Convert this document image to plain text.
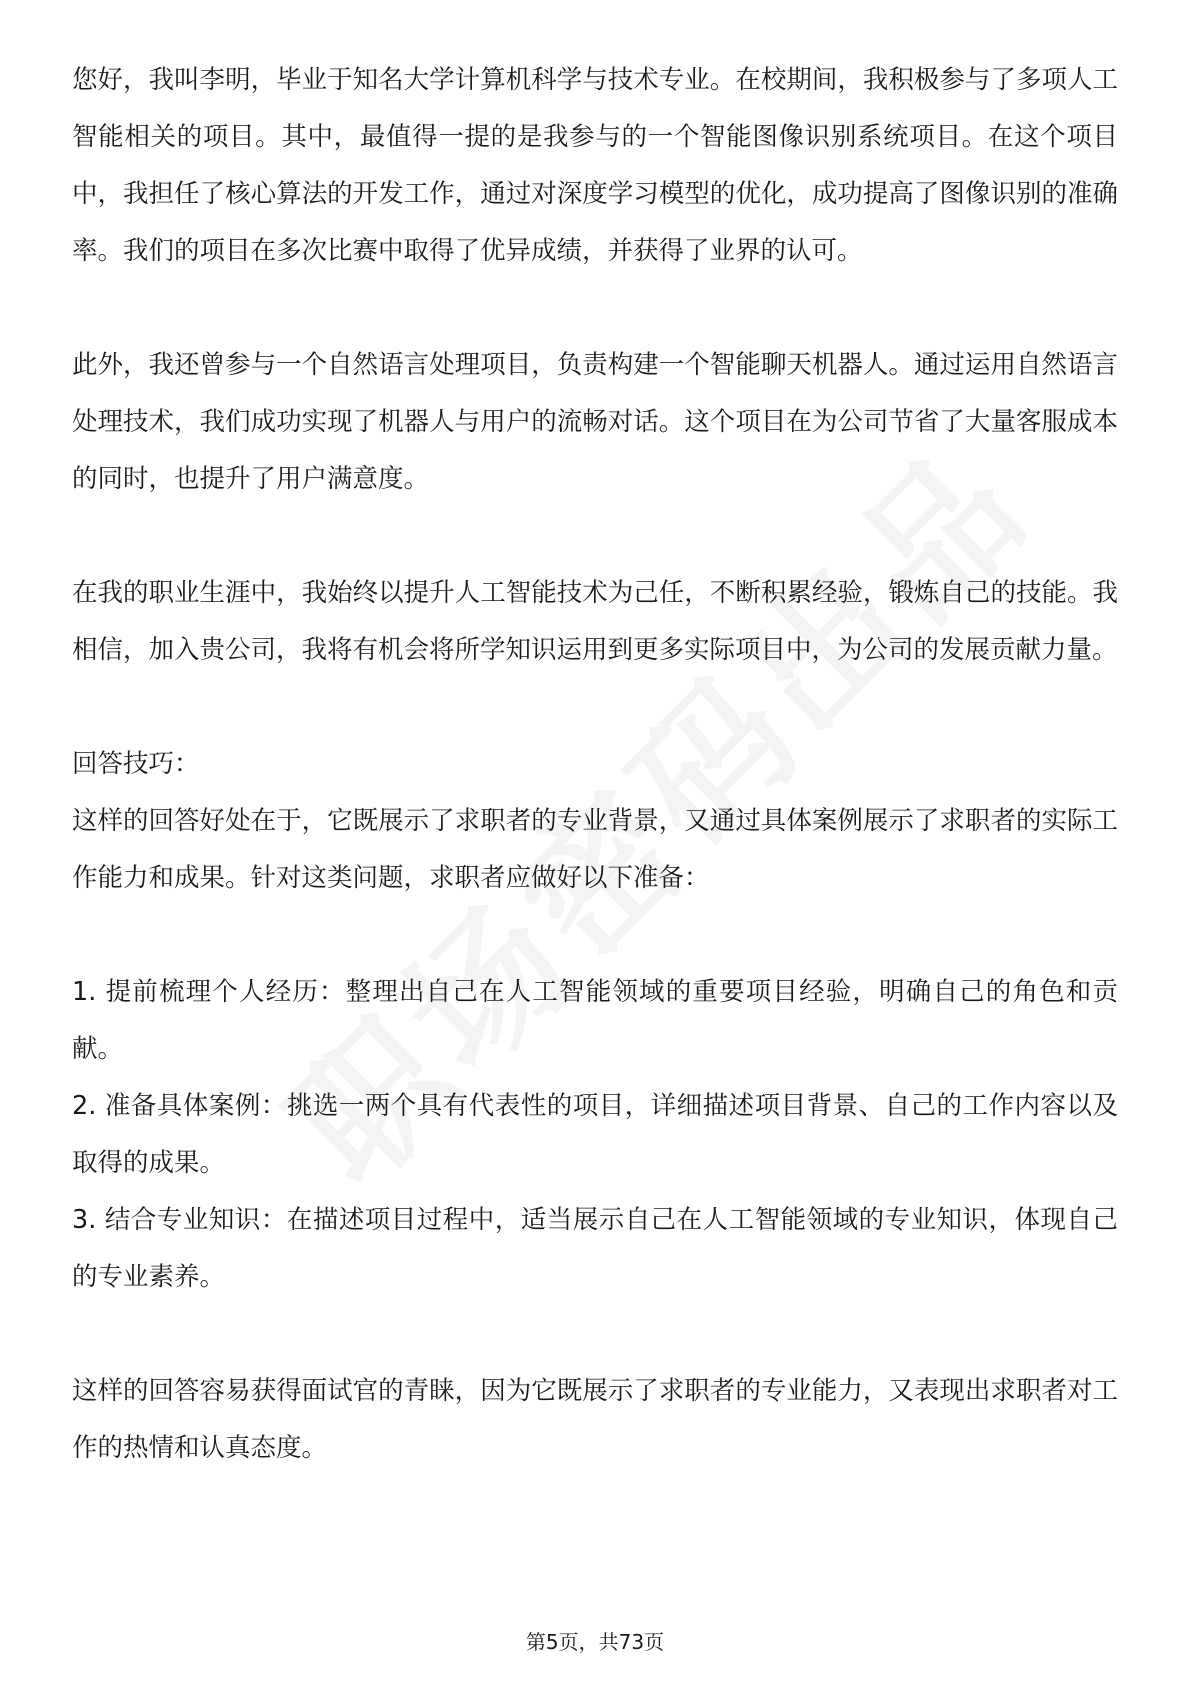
您好，我叫李明，毕业于知名大学计算机科学与技术专业。在校期间，我积极参与了多项人工智能相关的项目。其中，最值得一提的是我参与的一个智能图像识别系统项目。在这个项目中，我担任了核心算法的开发工作，通过对深度学习模型的优化，成功提高了图像识别的准确率。我们的项目在多次比赛中取得了优异成绩，并获得了业界的认可。

此外，我还曾参与一个自然语言处理项目，负责构建一个智能聊天机器人。通过运用自然语言处理技术，我们成功实现了机器人与用户的流畅对话。这个项目在为公司节省了大量客服成本的同时，也提升了用户满意度。

在我的职业生涯中，我始终以提升人工智能技术为己任，不断积累经验，锻炼自己的技能。我相信，加入贵公司，我将有机会将所学知识运用到更多实际项目中，为公司的发展贡献力量。

回答技巧：

这样的回答好处在于，它既展示了求职者的专业背景，又通过具体案例展示了求职者的实际工作能力和成果。针对这类问题，求职者应做好以下准备：

1. 提前梳理个人经历：整理出自己在人工智能领域的重要项目经验，明确自己的角色和贡献。

2. 准备具体案例：挑选一两个具有代表性的项目，详细描述项目背景、自己的工作内容以及取得的成果。

3. 结合专业知识：在描述项目过程中，适当展示自己在人工智能领域的专业知识，体现自己的专业素养。

这样的回答容易获得面试官的青睐，因为它既展示了求职者的专业能力，又表现出求职者对工作的热情和认真态度。

第5页，共73页
